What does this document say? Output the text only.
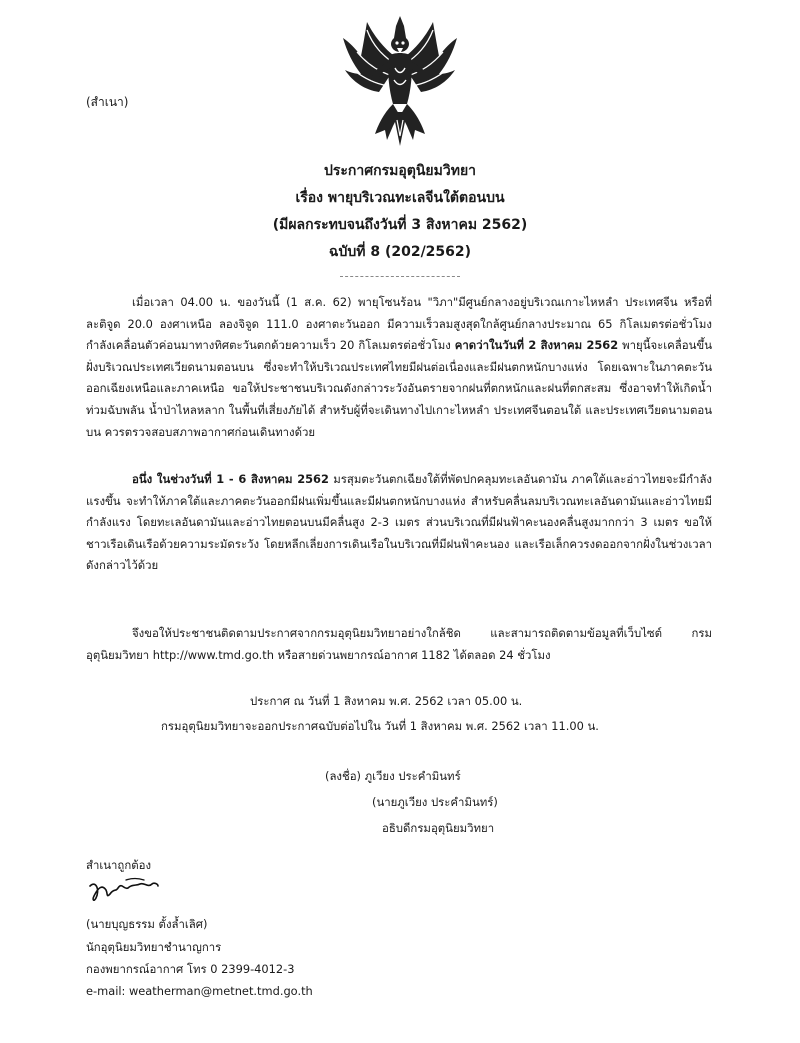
(สำเนา)
ประกาศกรมอุตุนิยมวิทยา
เรื่อง พายุบริเวณทะเลจีนใต้ตอนบน
(มีผลกระทบจนถึงวันที่ 3 สิงหาคม 2562)
ฉบับที่ 8 (202/2562)

เมื่อเวลา 04.00 น. ของวันนี้ (1 ส.ค. 62) พายุโซนร้อน "วิภา"มีศูนย์กลางอยู่บริเวณเกาะไหหลำ ประเทศจีน หรือที่ละติจูด 20.0 องศาเหนือ ลองจิจูด 111.0 องศาตะวันออก มีความเร็วลมสูงสุดใกล้ศูนย์กลางประมาณ 65 กิโลเมตรต่อชั่วโมง กำลังเคลื่อนตัวค่อนมาทางทิศตะวันตกด้วยความเร็ว 20 กิโลเมตรต่อชั่วโมง คาดว่าในวันที่ 2 สิงหาคม 2562 พายุนี้จะเคลื่อนขึ้นฝั่งบริเวณประเทศเวียดนามตอนบน ซึ่งจะทำให้บริเวณประเทศไทยมีฝนต่อเนื่องและมีฝนตกหนักบางแห่ง โดยเฉพาะในภาคตะวันออกเฉียงเหนือและภาคเหนือ ขอให้ประชาชนบริเวณดังกล่าวระวังอันตรายจากฝนที่ตกหนักและฝนที่ตกสะสม ซึ่งอาจทำให้เกิดน้ำท่วมฉับพลัน น้ำป่าไหลหลาก ในพื้นที่เสี่ยงภัยได้ สำหรับผู้ที่จะเดินทางไปเกาะไหหลำ ประเทศจีนตอนใต้ และประเทศเวียดนามตอนบน ควรตรวจสอบสภาพอากาศก่อนเดินทางด้วย

อนึ่ง ในช่วงวันที่ 1 - 6 สิงหาคม 2562 มรสุมตะวันตกเฉียงใต้ที่พัดปกคลุมทะเลอันดามัน ภาคใต้และอ่าวไทยจะมีกำลังแรงขึ้น จะทำให้ภาคใต้และภาคตะวันออกมีฝนเพิ่มขึ้นและมีฝนตกหนักบางแห่ง สำหรับคลื่นลมบริเวณทะเลอันดามันและอ่าวไทยมีกำลังแรง โดยทะเลอันดามันและอ่าวไทยตอนบนมีคลื่นสูง 2-3 เมตร ส่วนบริเวณที่มีฝนฟ้าคะนองคลื่นสูงมากกว่า 3 เมตร ขอให้ชาวเรือเดินเรือด้วยความระมัดระวัง โดยหลีกเลี่ยงการเดินเรือในบริเวณที่มีฝนฟ้าคะนอง และเรือเล็กควรงดออกจากฝั่งในช่วงเวลาดังกล่าวไว้ด้วย

จึงขอให้ประชาชนติดตามประกาศจากกรมอุตุนิยมวิทยาอย่างใกล้ชิด และสามารถติดตามข้อมูลที่เว็บไซต์ กรมอุตุนิยมวิทยา http://www.tmd.go.th หรือสายด่วนพยากรณ์อากาศ 1182 ได้ตลอด 24 ชั่วโมง

ประกาศ ณ วันที่ 1 สิงหาคม พ.ศ. 2562 เวลา 05.00 น.
กรมอุตุนิยมวิทยาจะออกประกาศฉบับต่อไปใน วันที่ 1 สิงหาคม พ.ศ. 2562 เวลา 11.00 น.
(ลงชื่อ) ภูเวียง ประคำมินทร์
(นายภูเวียง ประคำมินทร์)
อธิบดีกรมอุตุนิยมวิทยา
สำเนาถูกต้อง
(นายบุญธรรม ตั้งล้ำเลิศ)
นักอุตุนิยมวิทยาชำนาญการ
กองพยากรณ์อากาศ โทร 0 2399-4012-3
e-mail: weatherman@metnet.tmd.go.th
